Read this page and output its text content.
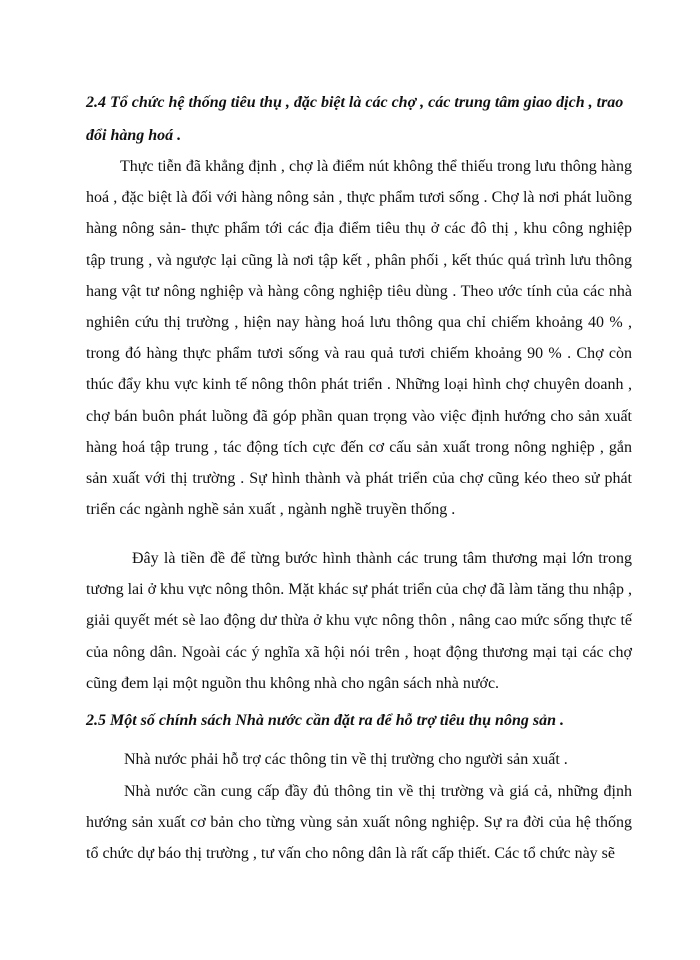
2.4 Tổ chức hệ thống tiêu thụ , đặc biệt là các chợ , các trung tâm giao dịch , trao đổi hàng hoá .

Thực tiễn đã khẳng định , chợ là điểm nút không thể thiếu trong lưu thông hàng hoá , đặc biệt là đối với hàng nông sản , thực phẩm tươi sống . Chợ là nơi phát luồng hàng nông sản- thực phẩm tới các địa điểm tiêu thụ ở các đô thị , khu công nghiệp tập trung , và ngược lại cũng là nơi tập kết , phân phối , kết thúc quá trình lưu thông hang vật tư nông nghiệp và hàng công nghiệp tiêu dùng . Theo ước tính của các nhà nghiên cứu thị trường , hiện nay hàng hoá lưu thông qua chỉ chiếm khoảng 40 % , trong đó hàng thực phẩm tươi sống và rau quả tươi chiếm khoảng 90 % . Chợ còn thúc đẩy khu vực kinh tế nông thôn phát triển . Những loại hình chợ chuyên doanh , chợ bán buôn phát luồng đã góp phần quan trọng vào việc định hướng cho sản xuất hàng hoá tập trung , tác động tích cực đến cơ cấu sản xuất trong nông nghiệp , gắn sản xuất với thị trường . Sự hình thành và phát triển của chợ cũng kéo theo sử phát triển các ngành nghề sản xuất , ngành nghề truyền thống .

Đây là tiền đề để từng bước hình thành các trung tâm thương mại lớn trong tương lai ở khu vực nông thôn. Mặt khác sự phát triển của chợ đã làm tăng thu nhập , giải quyết mét sè lao động dư thừa ở khu vực nông thôn , nâng cao mức sống thực tế của nông dân. Ngoài các ý nghĩa xã hội nói trên , hoạt động thương mại tại các chợ cũng đem lại một nguồn thu không nhà cho ngân sách nhà nước.

2.5 Một số chính sách Nhà nước cần đặt ra để hỗ trợ tiêu thụ nông sản .

Nhà nước phải hỗ trợ các thông tin về thị trường cho người sản xuất .

Nhà nước cần cung cấp đầy đủ thông tin về thị trường và giá cả, những định hướng sản xuất cơ bản cho từng vùng sản xuất nông nghiệp. Sự ra đời của hệ thống tổ chức dự báo thị trường , tư vấn cho nông dân là rất cấp thiết. Các tổ chức này sẽ
